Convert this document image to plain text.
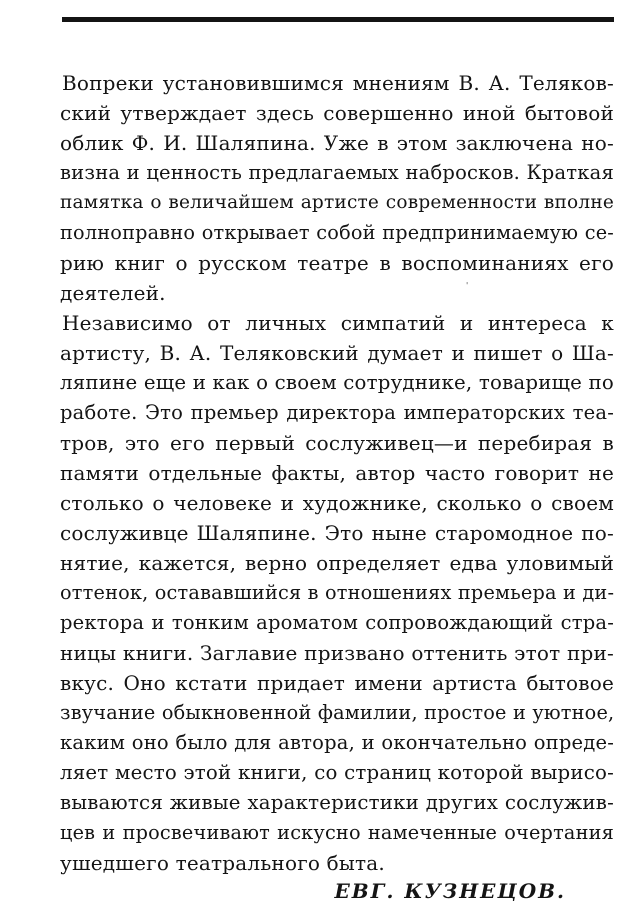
Вопреки установившимся мнениям В. А. Теляков-
ский утверждает здесь совершенно иной бытовой
облик Ф. И. Шаляпина. Уже в этом заключена но-
визна и ценность предлагаемых набросков. Краткая
памятка о величайшем артисте современности вполне
полноправно открывает собой предпринимаемую се-
рию книг о русском театре в воспоминаниях его
деятелей.
Независимо от личных симпатий и интереса к
артисту, В. А. Теляковский думает и пишет о Ша-
ляпине еще и как о своем сотруднике, товарище по
работе. Это премьер директора императорских теа-
тров, это его первый сослуживец—и перебирая в
памяти отдельные факты, автор часто говорит не
столько о человеке и художнике, сколько о своем
сослуживце Шаляпине. Это ныне старомодное по-
нятие, кажется, верно определяет едва уловимый
оттенок, остававшийся в отношениях премьера и ди-
ректора и тонким ароматом сопровождающий стра-
ницы книги. Заглавие призвано оттенить этот при-
вкус. Оно кстати придает имени артиста бытовое
звучание обыкновенной фамилии, простое и уютное,
каким оно было для автора, и окончательно опреде-
ляет место этой книги, со страниц которой вырисо-
вываются живые характеристики других сослужив-
цев и просвечивают искусно намеченные очертания
ушедшего театрального быта.
'
ЕВГ. КУЗНЕЦОВ.
